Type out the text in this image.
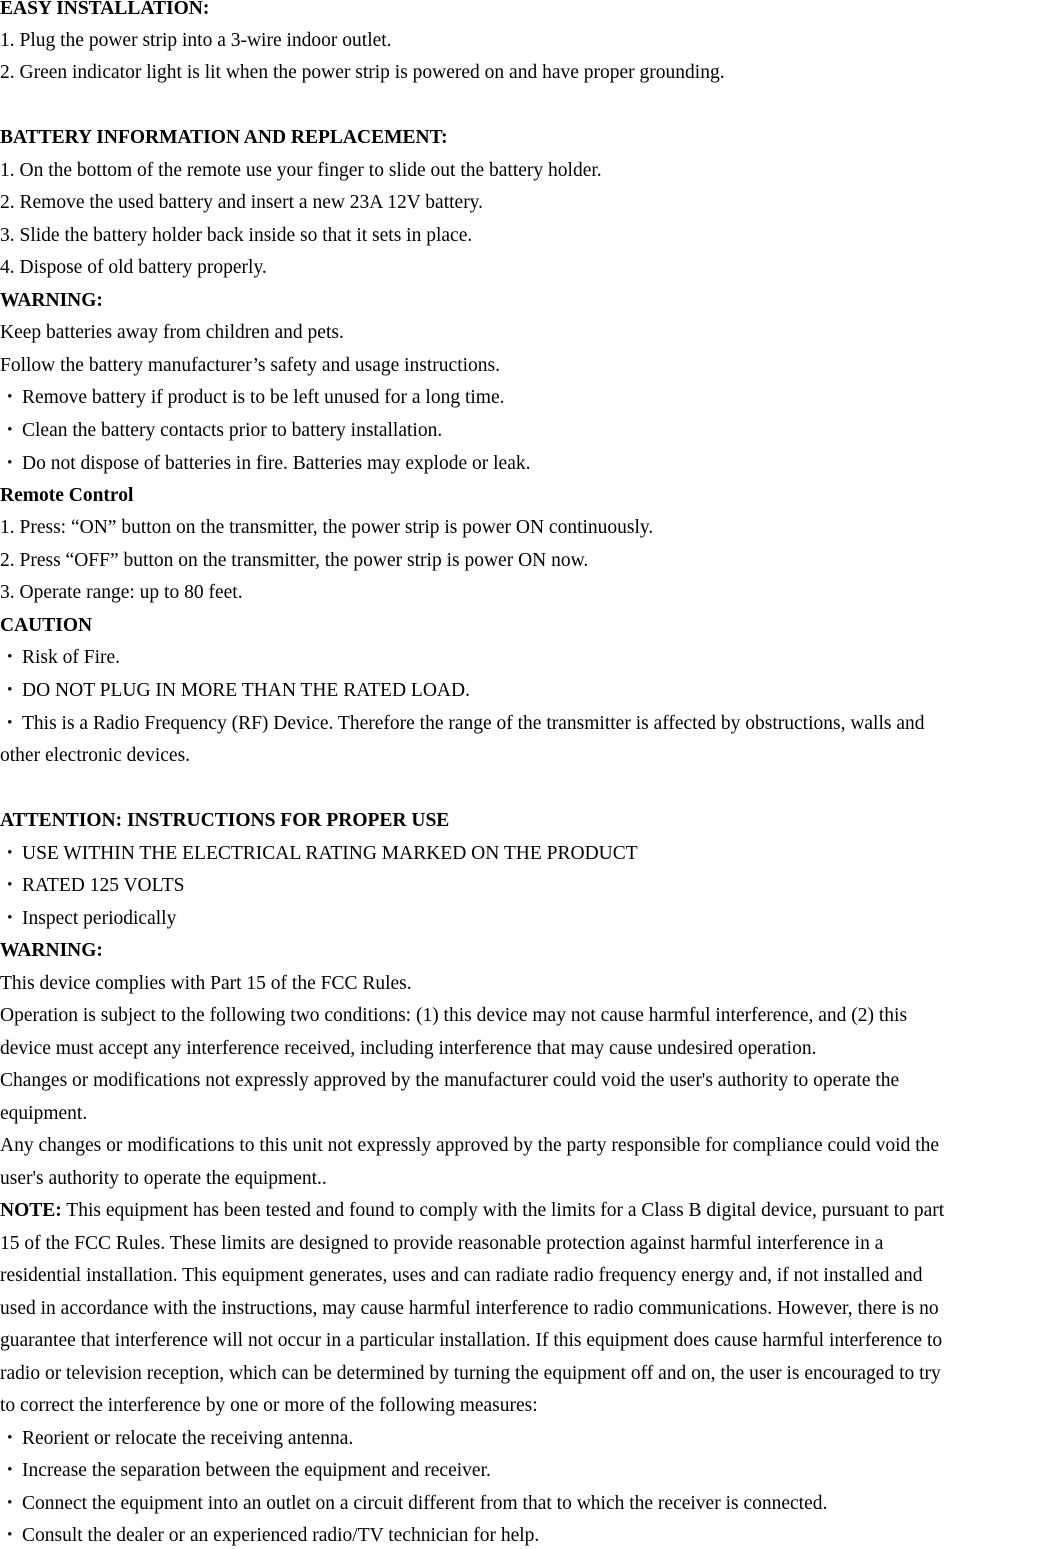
EASY INSTALLATION:
1. Plug the power strip into a 3-wire indoor outlet.
2. Green indicator light is lit when the power strip is powered on and have proper grounding.
BATTERY INFORMATION AND REPLACEMENT:
1. On the bottom of the remote use your finger to slide out the battery holder.
2. Remove the used battery and insert a new 23A 12V battery.
3. Slide the battery holder back inside so that it sets in place.
4. Dispose of old battery properly.
WARNING:
Keep batteries away from children and pets.
Follow the battery manufacturer’s safety and usage instructions.
・ Remove battery if product is to be left unused for a long time.
・ Clean the battery contacts prior to battery installation.
・ Do not dispose of batteries in fire. Batteries may explode or leak.
Remote Control
1. Press: “ON” button on the transmitter, the power strip is power ON continuously.
2. Press “OFF” button on the transmitter, the power strip is power ON now.
3. Operate range: up to 80 feet.
CAUTION
・ Risk of Fire.
・ DO NOT PLUG IN MORE THAN THE RATED LOAD.
・ This is a Radio Frequency (RF) Device. Therefore the range of the transmitter is affected by obstructions, walls and
other electronic devices.
ATTENTION: INSTRUCTIONS FOR PROPER USE
・ USE WITHIN THE ELECTRICAL RATING MARKED ON THE PRODUCT
・ RATED 125 VOLTS
・ Inspect periodically
WARNING:
This device complies with Part 15 of the FCC Rules.
Operation is subject to the following two conditions: (1) this device may not cause harmful interference, and (2) this
device must accept any interference received, including interference that may cause undesired operation.
Changes or modifications not expressly approved by the manufacturer could void the user's authority to operate the
equipment.
Any changes or modifications to this unit not expressly approved by the party responsible for compliance could void the
user's authority to operate the equipment..
NOTE: This equipment has been tested and found to comply with the limits for a Class B digital device, pursuant to part
15 of the FCC Rules. These limits are designed to provide reasonable protection against harmful interference in a
residential installation. This equipment generates, uses and can radiate radio frequency energy and, if not installed and
used in accordance with the instructions, may cause harmful interference to radio communications. However, there is no
guarantee that interference will not occur in a particular installation. If this equipment does cause harmful interference to
radio or television reception, which can be determined by turning the equipment off and on, the user is encouraged to try
to correct the interference by one or more of the following measures:
・ Reorient or relocate the receiving antenna.
・ Increase the separation between the equipment and receiver.
・ Connect the equipment into an outlet on a circuit different from that to which the receiver is connected.
・ Consult the dealer or an experienced radio/TV technician for help.
